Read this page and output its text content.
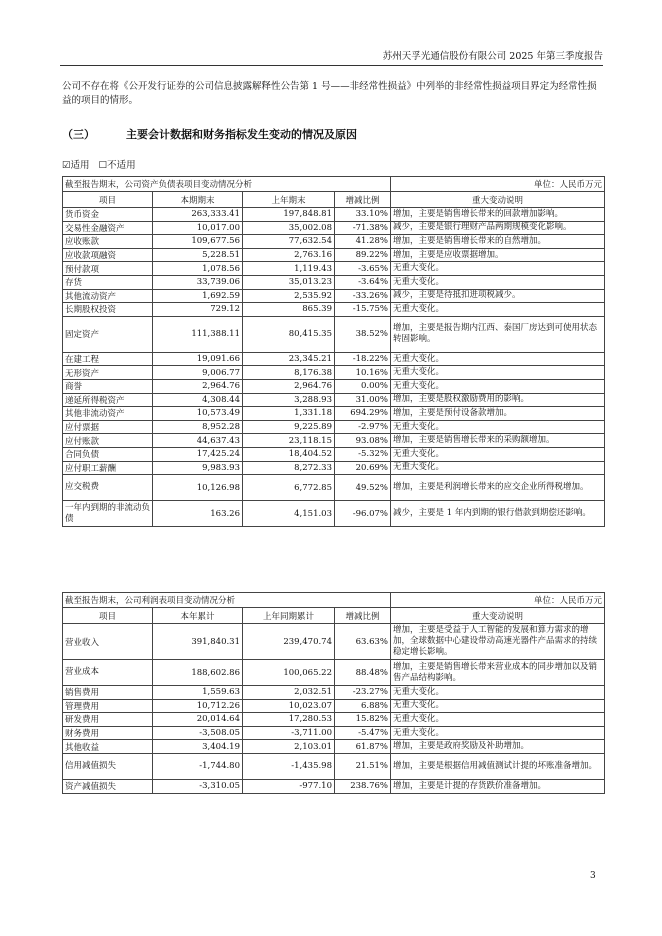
苏州天孚光通信股份有限公司 2025 年第三季度报告
公司不存在将《公开发行证券的公司信息披露解释性公告第 1 号——非经常性损益》中列举的非经常性损益项目界定为经常性损益的项目的情形。
（三）	主要会计数据和财务指标发生变动的情况及原因
☑适用 ☐不适用
截至报告期末，公司资产负债表项目变动情况分析				单位：人民币万元
项目	本期期末	上年期末	增减比例	重大变动说明
货币资金	263,333.41	197,848.81	33.10%	增加，主要是销售增长带来的回款增加影响。
交易性金融资产	10,017.00	35,002.08	-71.38%	减少，主要是银行理财产品两期规模变化影响。
应收账款	109,677.56	77,632.54	41.28%	增加，主要是销售增长带来的自然增加。
应收款项融资	5,228.51	2,763.16	89.22%	增加，主要是应收票据增加。
预付款项	1,078.56	1,119.43	-3.65%	无重大变化。
存货	33,739.06	35,013.23	-3.64%	无重大变化。
其他流动资产	1,692.59	2,535.92	-33.26%	减少，主要是待抵扣进项税减少。
长期股权投资	729.12	865.39	-15.75%	无重大变化。
固定资产	111,388.11	80,415.35	38.52%	增加，主要是报告期内江西、泰国厂房达到可使用状态转固影响。
在建工程	19,091.66	23,345.21	-18.22%	无重大变化。
无形资产	9,006.77	8,176.38	10.16%	无重大变化。
商誉	2,964.76	2,964.76	0.00%	无重大变化。
递延所得税资产	4,308.44	3,288.93	31.00%	增加，主要是股权激励费用的影响。
其他非流动资产	10,573.49	1,331.18	694.29%	增加，主要是预付设备款增加。
应付票据	8,952.28	9,225.89	-2.97%	无重大变化。
应付账款	44,637.43	23,118.15	93.08%	增加，主要是销售增长带来的采购额增加。
合同负债	17,425.24	18,404.52	-5.32%	无重大变化。
应付职工薪酬	9,983.93	8,272.33	20.69%	无重大变化。
应交税费	10,126.98	6,772.85	49.52%	增加，主要是利润增长带来的应交企业所得税增加。
一年内到期的非流动负债	163.26	4,151.03	-96.07%	减少，主要是 1 年内到期的银行借款到期偿还影响。
截至报告期末，公司利润表项目变动情况分析				单位：人民币万元
项目	本年累计	上年同期累计	增减比例	重大变动说明
营业收入	391,840.31	239,470.74	63.63%	增加，主要是受益于人工智能的发展和算力需求的增加，全球数据中心建设带动高速光器件产品需求的持续稳定增长影响。
营业成本	188,602.86	100,065.22	88.48%	增加，主要是销售增长带来营业成本的同步增加以及销售产品结构影响。
销售费用	1,559.63	2,032.51	-23.27%	无重大变化。
管理费用	10,712.26	10,023.07	6.88%	无重大变化。
研发费用	20,014.64	17,280.53	15.82%	无重大变化。
财务费用	-3,508.05	-3,711.00	-5.47%	无重大变化。
其他收益	3,404.19	2,103.01	61.87%	增加，主要是政府奖励及补助增加。
信用减值损失	-1,744.80	-1,435.98	21.51%	增加，主要是根据信用减值测试计提的坏账准备增加。
资产减值损失	-3,310.05	-977.10	238.76%	增加，主要是计提的存货跌价准备增加。
3
